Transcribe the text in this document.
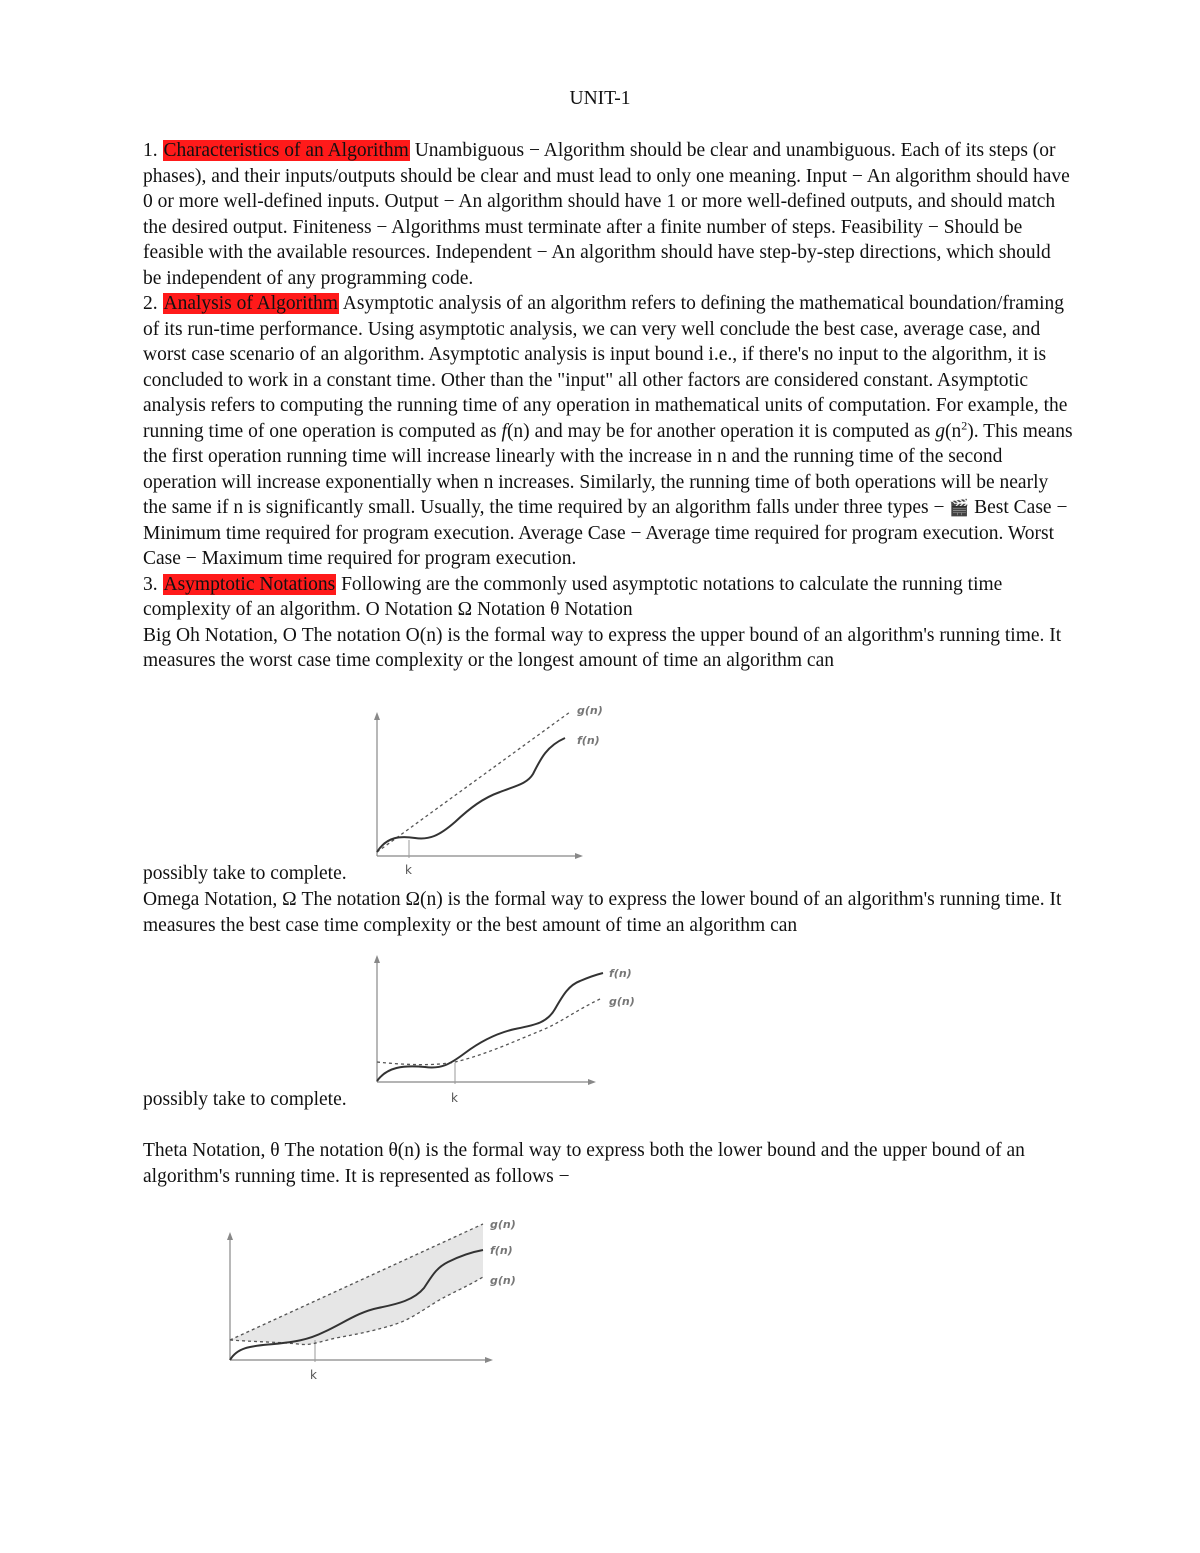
UNIT-1
1. Characteristics of an Algorithm Unambiguous − Algorithm should be clear and unambiguous. Each of its steps (or phases), and their inputs/outputs should be clear and must lead to only one meaning. Input − An algorithm should have 0 or more well-defined inputs. Output − An algorithm should have 1 or more well-defined outputs, and should match the desired output. Finiteness − Algorithms must terminate after a finite number of steps. Feasibility − Should be feasible with the available resources. Independent − An algorithm should have step-by-step directions, which should be independent of any programming code.
2. Analysis of Algorithm Asymptotic analysis of an algorithm refers to defining the mathematical boundation/framing of its run-time performance. Using asymptotic analysis, we can very well conclude the best case, average case, and worst case scenario of an algorithm. Asymptotic analysis is input bound i.e., if there's no input to the algorithm, it is concluded to work in a constant time. Other than the "input" all other factors are considered constant. Asymptotic analysis refers to computing the running time of any operation in mathematical units of computation. For example, the running time of one operation is computed as f(n) and may be for another operation it is computed as $g(n^2)$. This means the first operation running time will increase linearly with the increase in n and the running time of the second operation will increase exponentially when n increases. Similarly, the running time of both operations will be nearly the same if n is significantly small. Usually, the time required by an algorithm falls under three types − 🎬 Best Case − Minimum time required for program execution. Average Case − Average time required for program execution. Worst Case − Maximum time required for program execution.
3. Asymptotic Notations Following are the commonly used asymptotic notations to calculate the running time complexity of an algorithm. Ο Notation Ω Notation θ Notation
Big Oh Notation, Ο The notation Ο(n) is the formal way to express the upper bound of an algorithm's running time. It measures the worst case time complexity or the longest amount of time an algorithm can
g(n)
f(n)
k
possibly take to complete.
Omega Notation, Ω The notation Ω(n) is the formal way to express the lower bound of an algorithm's running time. It measures the best case time complexity or the best amount of time an algorithm can
f(n)
g(n)
k
possibly take to complete.
Theta Notation, θ The notation θ(n) is the formal way to express both the lower bound and the upper bound of an algorithm's running time. It is represented as follows −
g(n)
f(n)
g(n)
k
